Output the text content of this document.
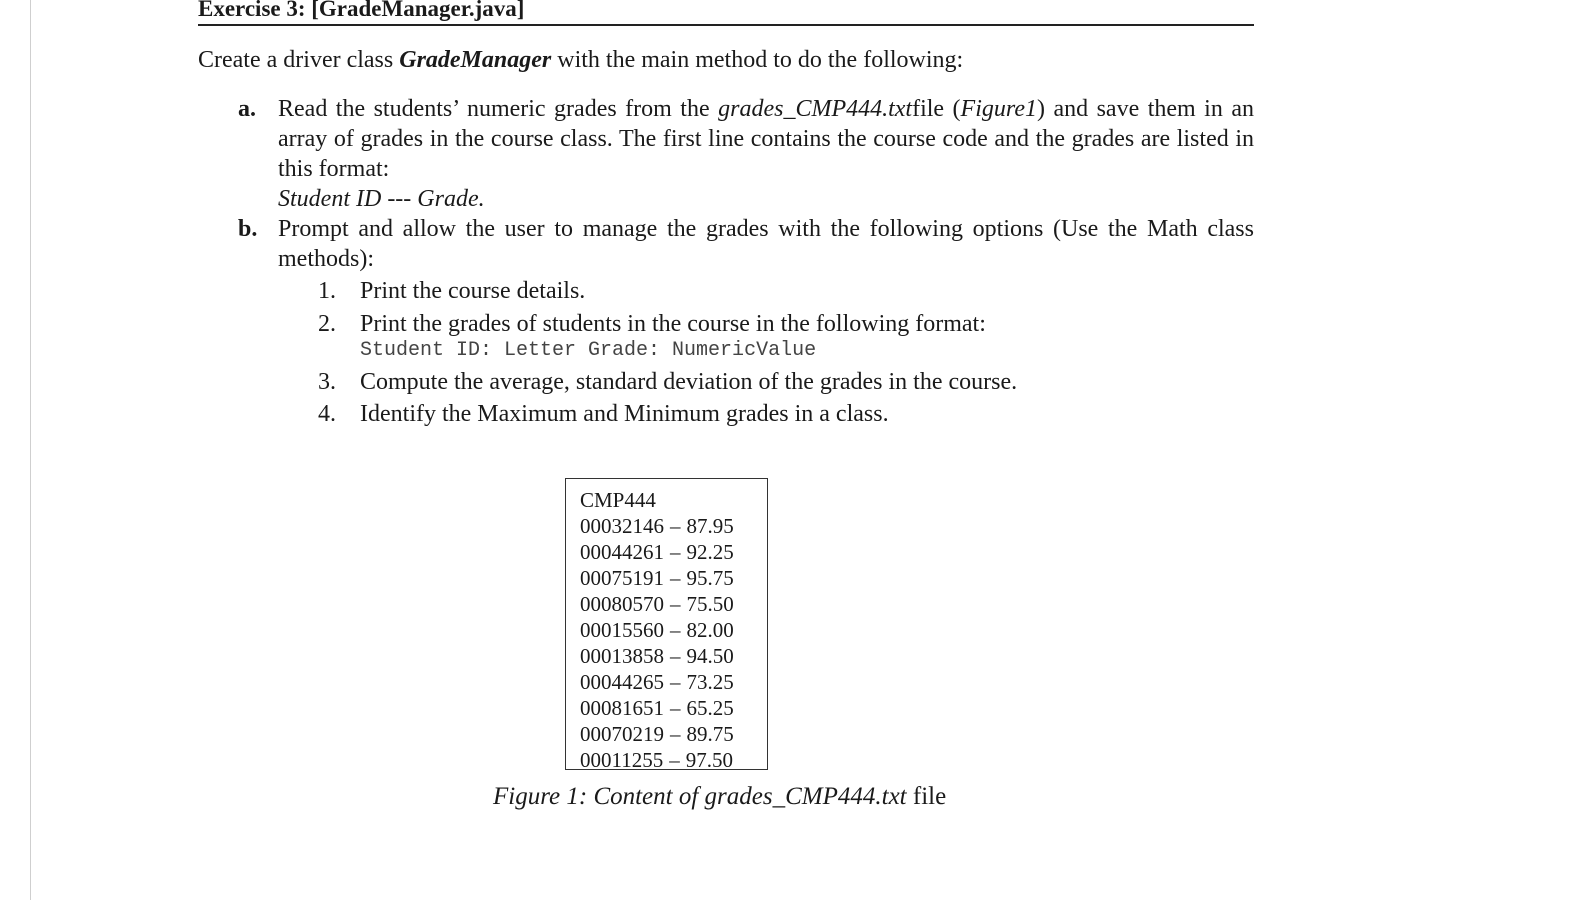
Exercise 3: [GradeManager.java]
Create a driver class GradeManager with the main method to do the following:
a. Read the students’ numeric grades from the grades_CMP444.txtfile (Figure1) and save them in an array of grades in the course class. The first line contains the course code and the grades are listed in this format:
Student ID --- Grade.
b. Prompt and allow the user to manage the grades with the following options (Use the Math class methods):
1. Print the course details.
2. Print the grades of students in the course in the following format:
Student ID: Letter Grade: NumericValue
3. Compute the average, standard deviation of the grades in the course.
4. Identify the Maximum and Minimum grades in a class.
CMP444
00032146 – 87.95
00044261 – 92.25
00075191 – 95.75
00080570 – 75.50
00015560 – 82.00
00013858 – 94.50
00044265 – 73.25
00081651 – 65.25
00070219 – 89.75
00011255 – 97.50
Figure 1: Content of grades_CMP444.txt file
